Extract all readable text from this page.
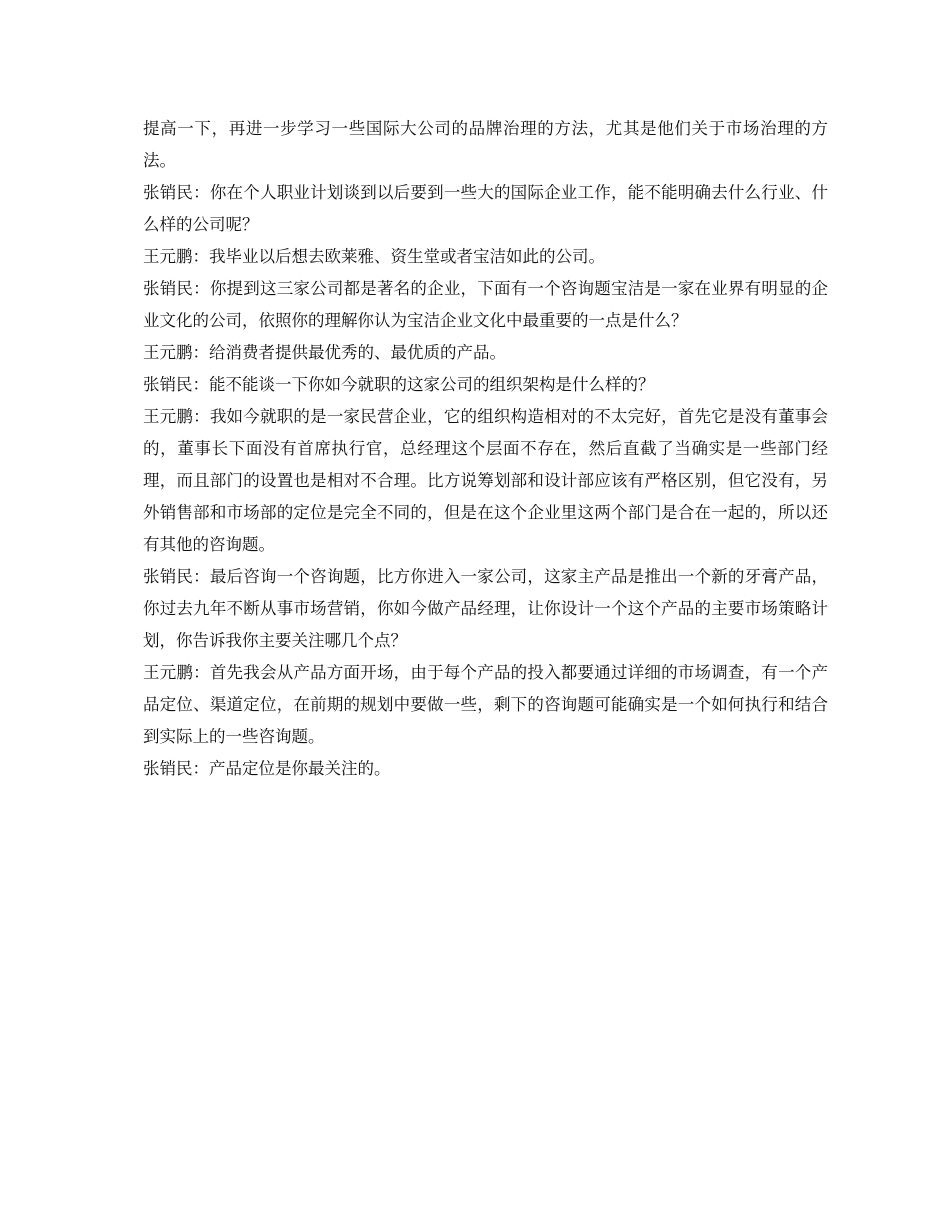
提高一下，再进一步学习一些国际大公司的品牌治理的方法，尤其是他们关于市场治理的方法。

张销民：你在个人职业计划谈到以后要到一些大的国际企业工作，能不能明确去什么行业、什么样的公司呢？

王元鹏：我毕业以后想去欧莱雅、资生堂或者宝洁如此的公司。

张销民：你提到这三家公司都是著名的企业，下面有一个咨询题宝洁是一家在业界有明显的企业文化的公司，依照你的理解你认为宝洁企业文化中最重要的一点是什么？

王元鹏：给消费者提供最优秀的、最优质的产品。

张销民：能不能谈一下你如今就职的这家公司的组织架构是什么样的？

王元鹏：我如今就职的是一家民营企业，它的组织构造相对的不太完好，首先它是没有董事会的，董事长下面没有首席执行官，总经理这个层面不存在，然后直截了当确实是一些部门经理，而且部门的设置也是相对不合理。比方说筹划部和设计部应该有严格区别，但它没有，另外销售部和市场部的定位是完全不同的，但是在这个企业里这两个部门是合在一起的，所以还有其他的咨询题。

张销民：最后咨询一个咨询题，比方你进入一家公司，这家主产品是推出一个新的牙膏产品，你过去九年不断从事市场营销，你如今做产品经理，让你设计一个这个产品的主要市场策略计划，你告诉我你主要关注哪几个点？

王元鹏：首先我会从产品方面开场，由于每个产品的投入都要通过详细的市场调查，有一个产品定位、渠道定位，在前期的规划中要做一些，剩下的咨询题可能确实是一个如何执行和结合到实际上的一些咨询题。

张销民：产品定位是你最关注的。
